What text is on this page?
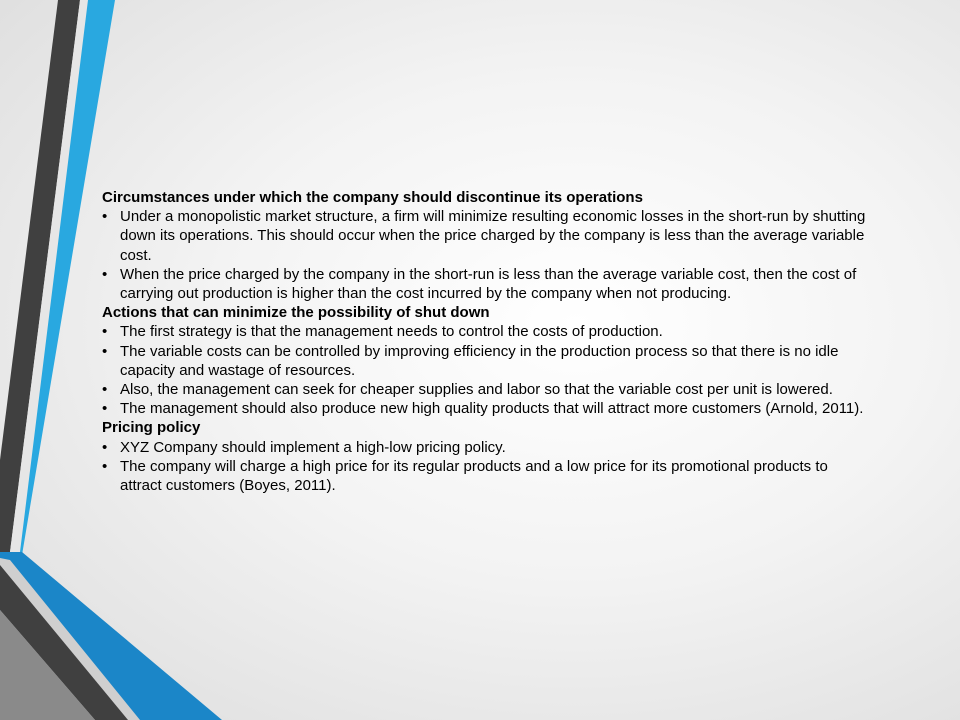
Circumstances under which the company should discontinue its operations

• Under a monopolistic market structure, a firm will minimize resulting economic losses in the short-run by shutting down its operations. This should occur when the price charged by the company is less than the average variable cost.
• When the price charged by the company in the short-run is less than the average variable cost, then the cost of carrying out production is higher than the cost incurred by the company when not producing.

Actions that can minimize the possibility of shut down

• The first strategy is that the management needs to control the costs of production.
• The variable costs can be controlled by improving efficiency in the production process so that there is no idle capacity and wastage of resources.
• Also, the management can seek for cheaper supplies and labor so that the variable cost per unit is lowered.
• The management should also produce new high quality products that will attract more customers (Arnold, 2011).

Pricing policy

• XYZ Company should implement a high-low pricing policy.
• The company will charge a high price for its regular products and a low price for its promotional products to attract customers (Boyes, 2011).
